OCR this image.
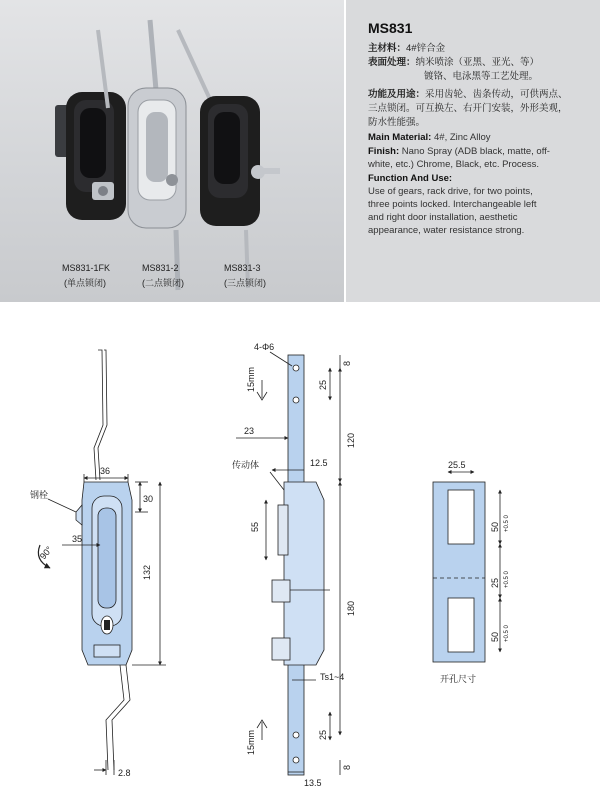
MS831-1FK
(单点锁闭)
MS831-2
(二点锁闭)
MS831-3
(三点锁闭)
MS831
主材料：4#锌合金
表面处理：纳米喷涂（亚黑、亚光、等）
镀铬、电泳黑等工艺处理。
功能及用途：采用齿轮、齿条传动，可供两点、
三点锁闭。可互换左、右开门安装，外形美观，
防水性能强。
Main Material: 4#, Zinc Alloy
Finish: Nano Spray (ADB black, matte, off-
white, etc.) Chrome, Black, etc. Process.
Function And Use:
Use of gears, rack drive, for two points,
three points locked. Interchangeable left
and right door installation, aesthetic
appearance, water resistance strong.
钢栓
36
30
35
132
2.8
90°
4-Φ6
8
25
120
23
12.5
传动体
55
180
Ts1~4
25
8
13.5
15mm
15mm
25.5
50 +0.5 0
25 +0.5 0
50 +0.5 0
开孔尺寸
